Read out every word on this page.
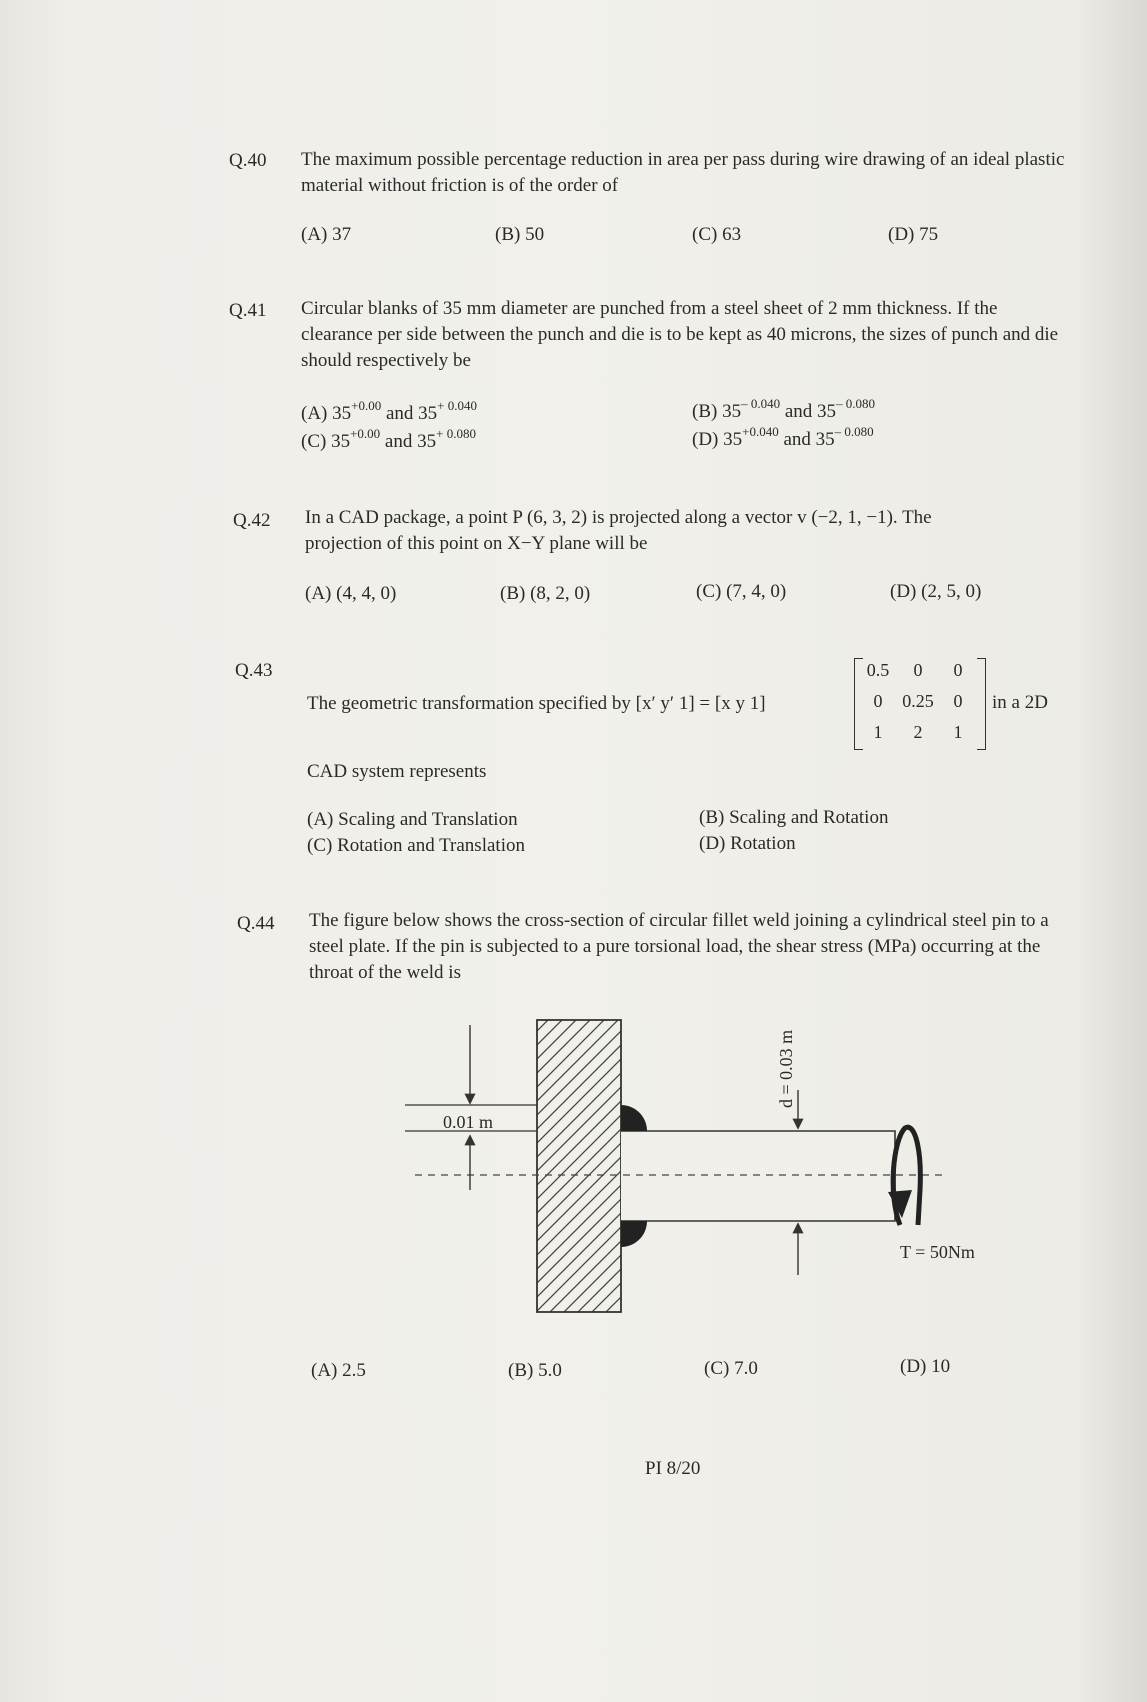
Q.40 The maximum possible percentage reduction in area per pass during wire drawing of an ideal plastic material without friction is of the order of
(A) 37	(B) 50	(C) 63	(D) 75
Q.41 Circular blanks of 35 mm diameter are punched from a steel sheet of 2 mm thickness. If the clearance per side between the punch and die is to be kept as 40 microns, the sizes of punch and die should respectively be
(A) $35^{+0.00}$ and $35^{+ 0.040}$
(C) $35^{+0.00}$ and $35^{+ 0.080}$
(B) $35^{- 0.040}$ and $35^{- 0.080}$
(D) $35^{+0.040}$ and $35^{- 0.080}$
Q.42 In a CAD package, a point P (6, 3, 2) is projected along a vector v (−2, 1, −1). The
projection of this point on X−Y plane will be
(A) (4, 4, 0)	(B) (8, 2, 0)	(C) (7, 4, 0)	(D) (2, 5, 0)
Q.43
The geometric transformation specified by [x′ y′ 1] = [x y 1]
0.5	0	0
0	0.25	0
1	2	1
in a 2D
CAD system represents
(A) Scaling and Translation	(B) Scaling and Rotation
(C) Rotation and Translation	(D) Rotation
Q.44 The figure below shows the cross-section of circular fillet weld joining a cylindrical steel pin to a steel plate. If the pin is subjected to a pure torsional load, the shear stress (MPa) occurring at the throat of the weld is
0.01 m
d = 0.03 m
T = 50Nm
(A) 2.5	(B) 5.0	(C) 7.0	(D) 10
PI 8/20
